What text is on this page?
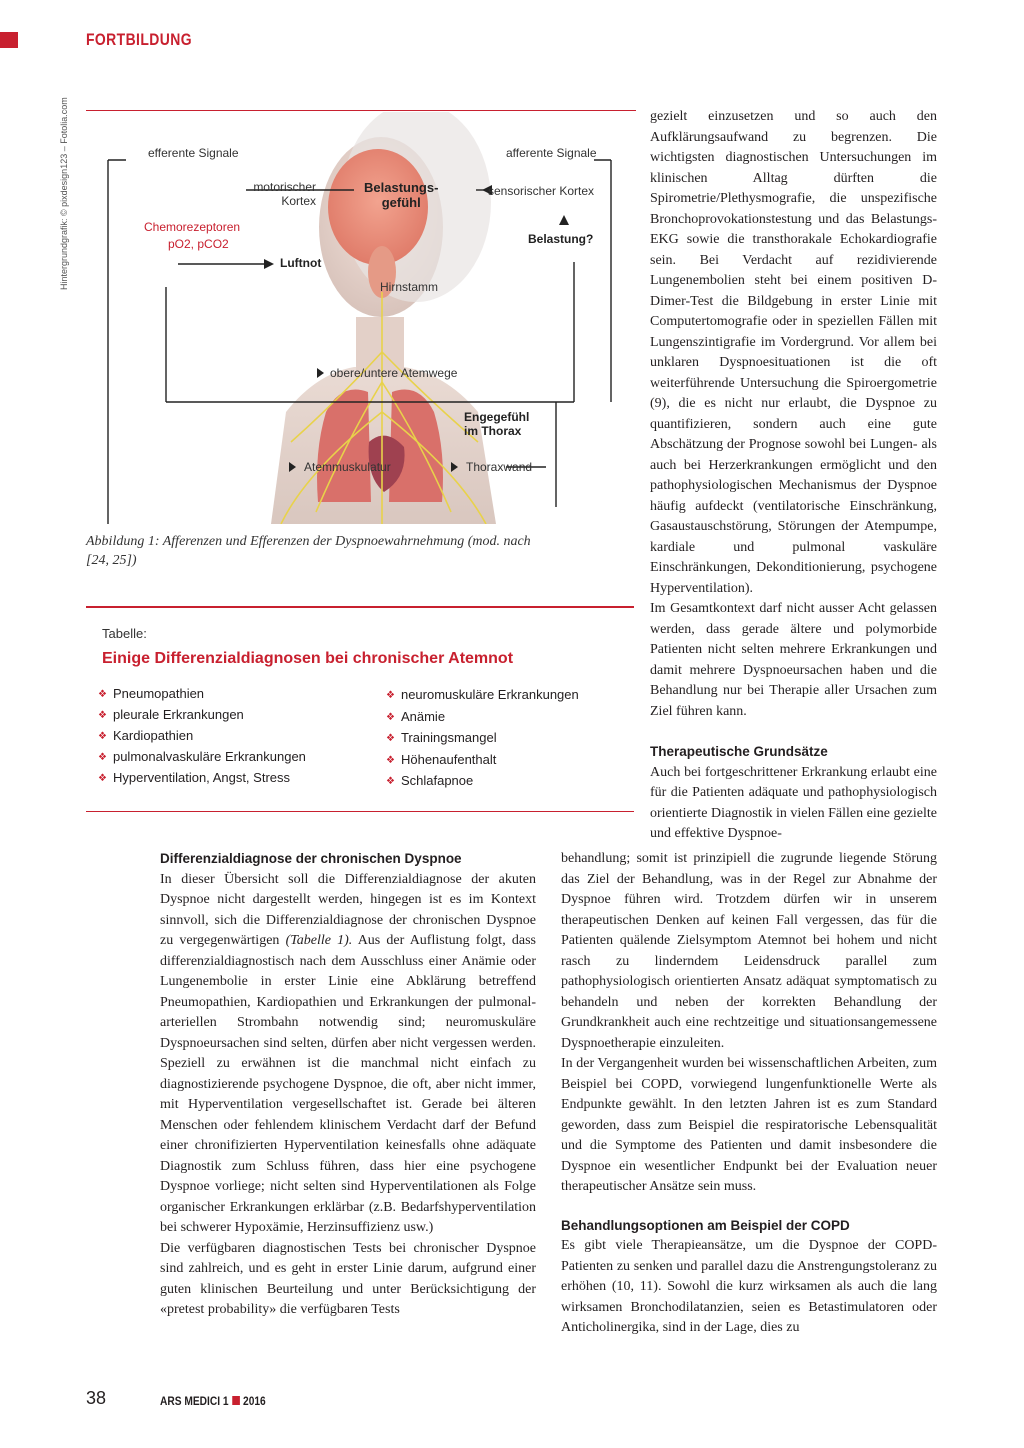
FORTBILDUNG
Hintergrundgrafik: © pixdesign123 – Fotolia.com	efferente Signale	afferente Signale
motorischer
Kortex
Belastungs-
gefühl
sensorischer Kortex
Chemorezeptoren
pO2, pCO2	Belastung?
Luftnot
Hirnstamm
obere/untere Atemwege
Engegefühl
im Thorax
Atemmuskulatur	Thoraxwand
Abbildung 1: Afferenzen und Efferenzen der Dyspnoewahrnehmung (mod. nach [24, 25])
Tabelle:
Einige Differenzialdiagnosen bei chronischer Atemnot
❖ Pneumopathien
❖ pleurale Erkrankungen
❖ Kardiopathien
❖ pulmonalvaskuläre Erkrankungen
❖ Hyperventilation, Angst, Stress
❖ neuromuskuläre Erkrankungen
❖ Anämie
❖ Trainingsmangel
❖ Höhenaufenthalt
❖ Schlafapnoe

gezielt einzusetzen und so auch den Aufklärungsaufwand zu begrenzen. Die wichtigsten diagnostischen Untersuchungen im klinischen Alltag dürften die Spirometrie/Plethysmografie, die unspezifische Bronchoprovokationstestung und das Belastungs-EKG sowie die transthorakale Echokardiografie sein. Bei Verdacht auf rezidivierende Lungenembolien steht bei einem positiven D-Dimer-Test die Bildgebung in erster Linie mit Computertomografie oder in speziellen Fällen mit Lungenszintigrafie im Vordergrund. Vor allem bei unklaren Dyspnoesituationen ist die oft weiterführende Untersuchung die Spiroergometrie (9), die es nicht nur erlaubt, die Dyspnoe zu quantifizieren, sondern auch eine gute Abschätzung der Prognose sowohl bei Lungen- als auch bei Herzerkrankungen ermöglicht und den pathophysiologischen Mechanismus der Dyspnoe häufig aufdeckt (ventilatorische Einschränkung, Gasaustauschstörung, Störungen der Atempumpe, kardiale und pulmonal vaskuläre Einschränkungen, Dekonditionierung, psychogene Hyperventilation).

Im Gesamtkontext darf nicht ausser Acht gelassen werden, dass gerade ältere und polymorbide Patienten nicht selten mehrere Erkrankungen und damit mehrere Dyspnoeursachen haben und die Behandlung nur bei Therapie aller Ursachen zum Ziel führen kann.

Therapeutische Grundsätze

Auch bei fortgeschrittener Erkrankung erlaubt eine für die Patienten adäquate und pathophysiologisch orientierte Diagnostik in vielen Fällen eine gezielte und effektive Dyspnoe-

Differenzialdiagnose der chronischen Dyspnoe

In dieser Übersicht soll die Differenzialdiagnose der akuten Dyspnoe nicht dargestellt werden, hingegen ist es im Kontext sinnvoll, sich die Differenzialdiagnose der chronischen Dyspnoe zu vergegenwärtigen (Tabelle 1). Aus der Auflistung folgt, dass differenzialdiagnostisch nach dem Ausschluss einer Anämie oder Lungenembolie in erster Linie eine Abklärung betreffend Pneumopathien, Kardiopathien und Erkrankungen der pulmonal-arteriellen Strombahn notwendig sind; neuromuskuläre Dyspnoeursachen sind selten, dürfen aber nicht vergessen werden. Speziell zu erwähnen ist die manchmal nicht einfach zu diagnostizierende psychogene Dyspnoe, die oft, aber nicht immer, mit Hyperventilation vergesellschaftet ist. Gerade bei älteren Menschen oder fehlendem klinischem Verdacht darf der Befund einer chronifizierten Hyperventilation keinesfalls ohne adäquate Diagnostik zum Schluss führen, dass hier eine psychogene Dyspnoe vorliege; nicht selten sind Hyperventilationen als Folge organischer Erkrankungen erklärbar (z.B. Bedarfshyperventilation bei schwerer Hypoxämie, Herzinsuffizienz usw.)

Die verfügbaren diagnostischen Tests bei chronischer Dyspnoe sind zahlreich, und es geht in erster Linie darum, aufgrund einer guten klinischen Beurteilung und unter Berücksichtigung der «pretest probability» die verfügbaren Tests

behandlung; somit ist prinzipiell die zugrunde liegende Störung das Ziel der Behandlung, was in der Regel zur Abnahme der Dyspnoe führen wird. Trotzdem dürfen wir in unserem therapeutischen Denken auf keinen Fall vergessen, das für die Patienten quälende Zielsymptom Atemnot bei hohem und nicht rasch zu linderndem Leidensdruck parallel zum pathophysiologisch orientierten Ansatz adäquat symptomatisch zu behandeln und neben der korrekten Behandlung der Grundkrankheit auch eine rechtzeitige und situationsangemessene Dyspnoetherapie einzuleiten.

In der Vergangenheit wurden bei wissenschaftlichen Arbeiten, zum Beispiel bei COPD, vorwiegend lungenfunktionelle Werte als Endpunkte gewählt. In den letzten Jahren ist es zum Standard geworden, dass zum Beispiel die respiratorische Lebensqualität und die Symptome des Patienten und damit insbesondere die Dyspnoe ein wesentlicher Endpunkt bei der Evaluation neuer therapeutischer Ansätze sein muss.

Behandlungsoptionen am Beispiel der COPD

Es gibt viele Therapieansätze, um die Dyspnoe der COPD-Patienten zu senken und parallel dazu die Anstrengungstoleranz zu erhöhen (10, 11). Sowohl die kurz wirksamen als auch die lang wirksamen Bronchodilatanzien, seien es Betastimulatoren oder Anticholinergika, sind in der Lage, dies zu

38	ARS MEDICI 1 2016
